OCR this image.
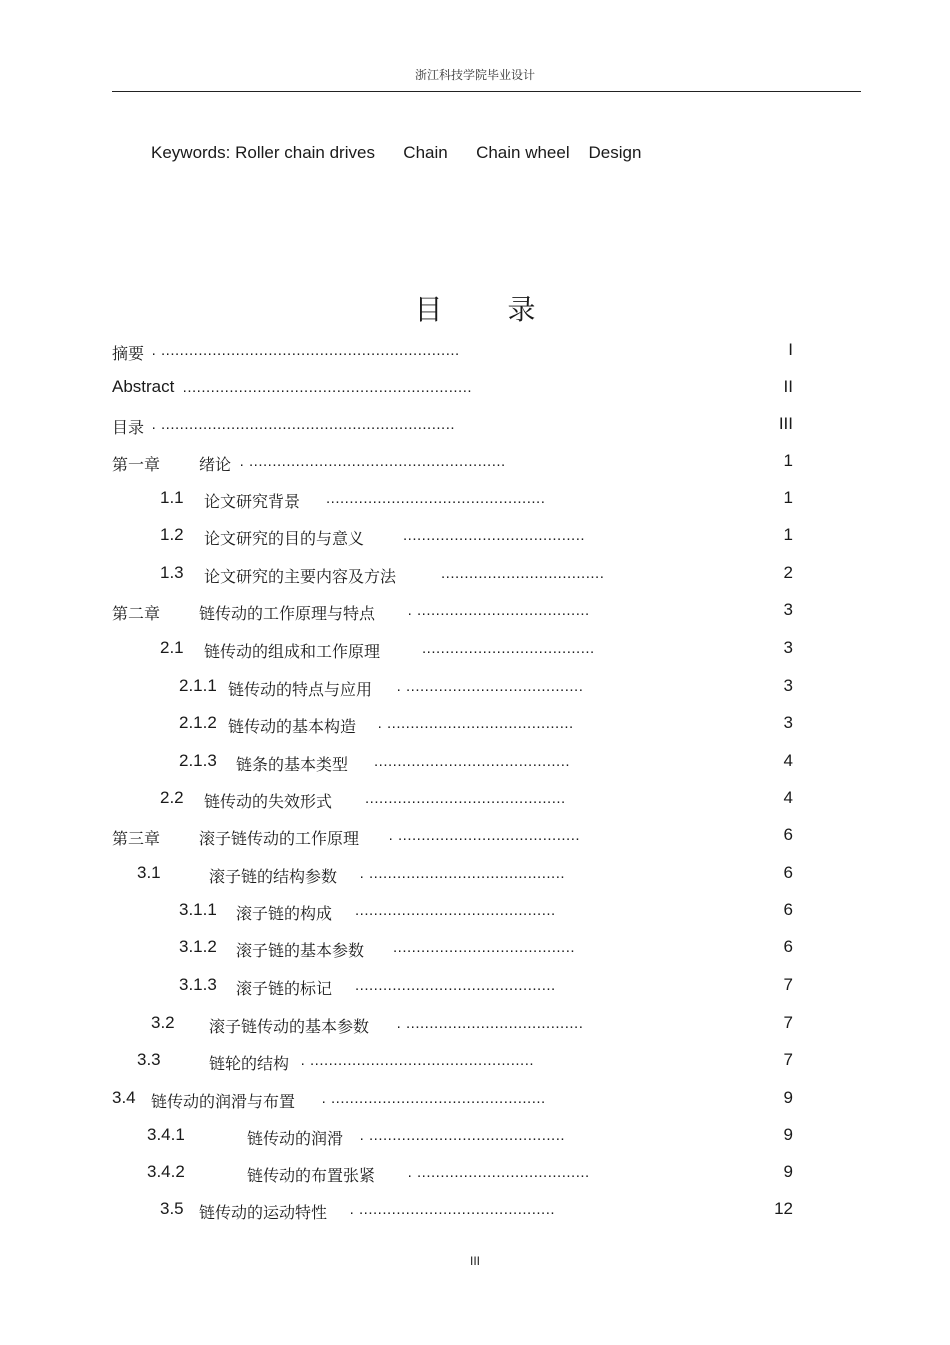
浙江科技学院毕业设计
Keywords: Roller chain drives Chain Chain wheel Design
目 录
摘要 . ................................................................	I
Abstract ..............................................................	II
目录 . ...............................................................	III
第一章 绪论 . .......................................................	1
1.1 论文研究背景 ...............................................	1
1.2 论文研究的目的与意义	.......................................	1
1.3 论文研究的主要内容及方法	...................................	2
第二章 链传动的工作原理与特点 . .....................................	3
2.1 链传动的组成和工作原理	.....................................	3
2.1.1 链传动的特点与应用 . ......................................	3
2.1.2 链传动的基本构造 . ........................................	3
2.1.3 链条的基本类型 ..........................................	4
2.2 链传动的失效形式 ...........................................	4
第三章 滚子链传动的工作原理 . .......................................	6
3.1	滚子链的结构参数 . ..........................................	6
3.1.1 滚子链的构成 ...........................................	6
3.1.2 滚子链的基本参数 .......................................	6
3.1.3 滚子链的标记 ...........................................	7
3.2 滚子链传动的基本参数 . ......................................	7
3.3	链轮的结构 . ................................................	7
3.4 链传动的润滑与布置 . ..............................................	9
3.4.1	链传动的润滑 . ..........................................	9
3.4.2	链传动的布置张紧 . .....................................	9
3.5 链传动的运动特性 . ..........................................	12
III
